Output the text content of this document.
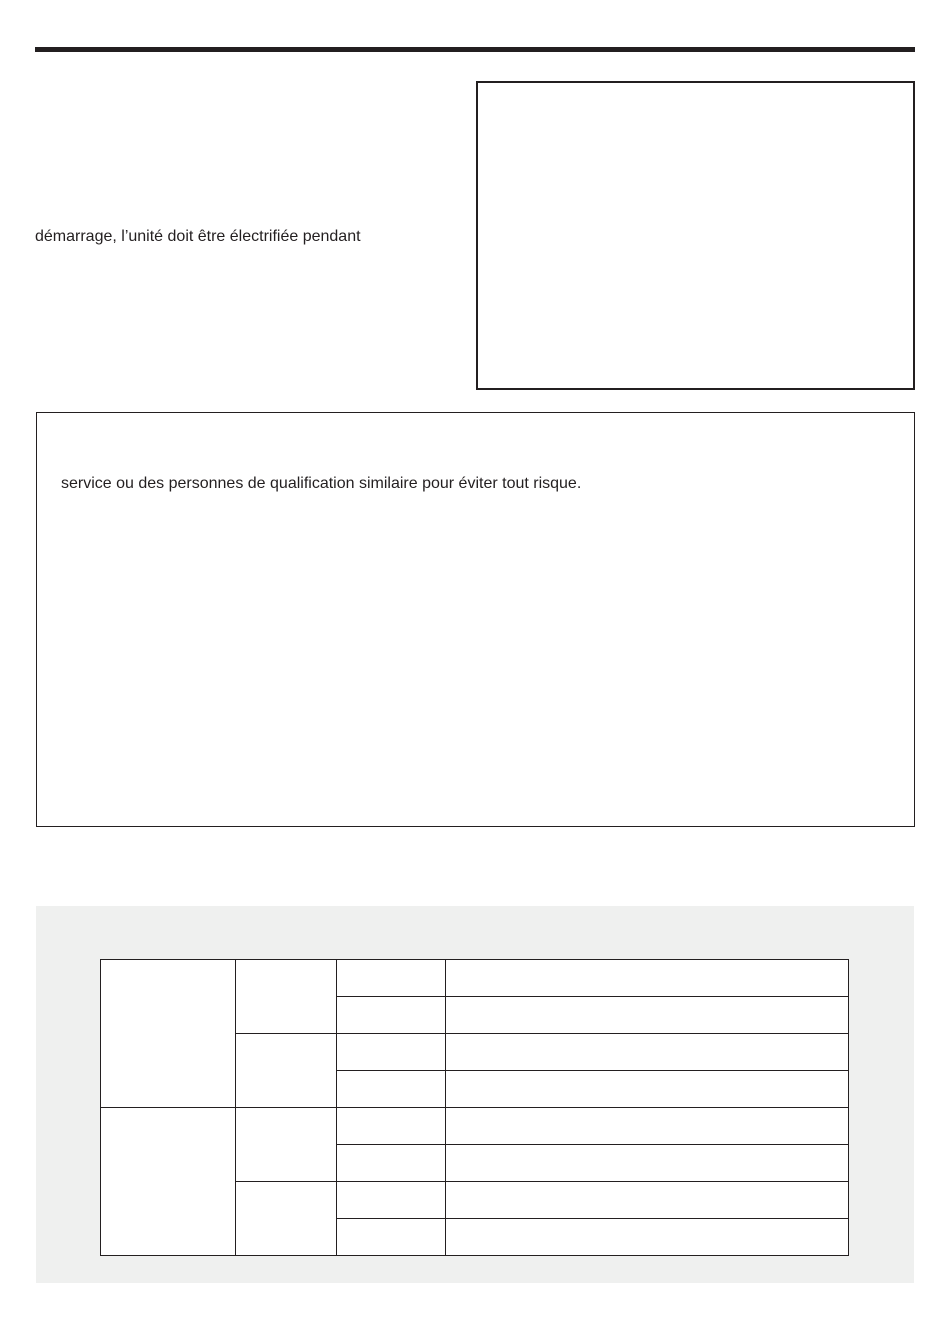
démarrage, l’unité doit être électrifiée pendant
service ou des personnes de qualification similaire pour éviter tout risque.
